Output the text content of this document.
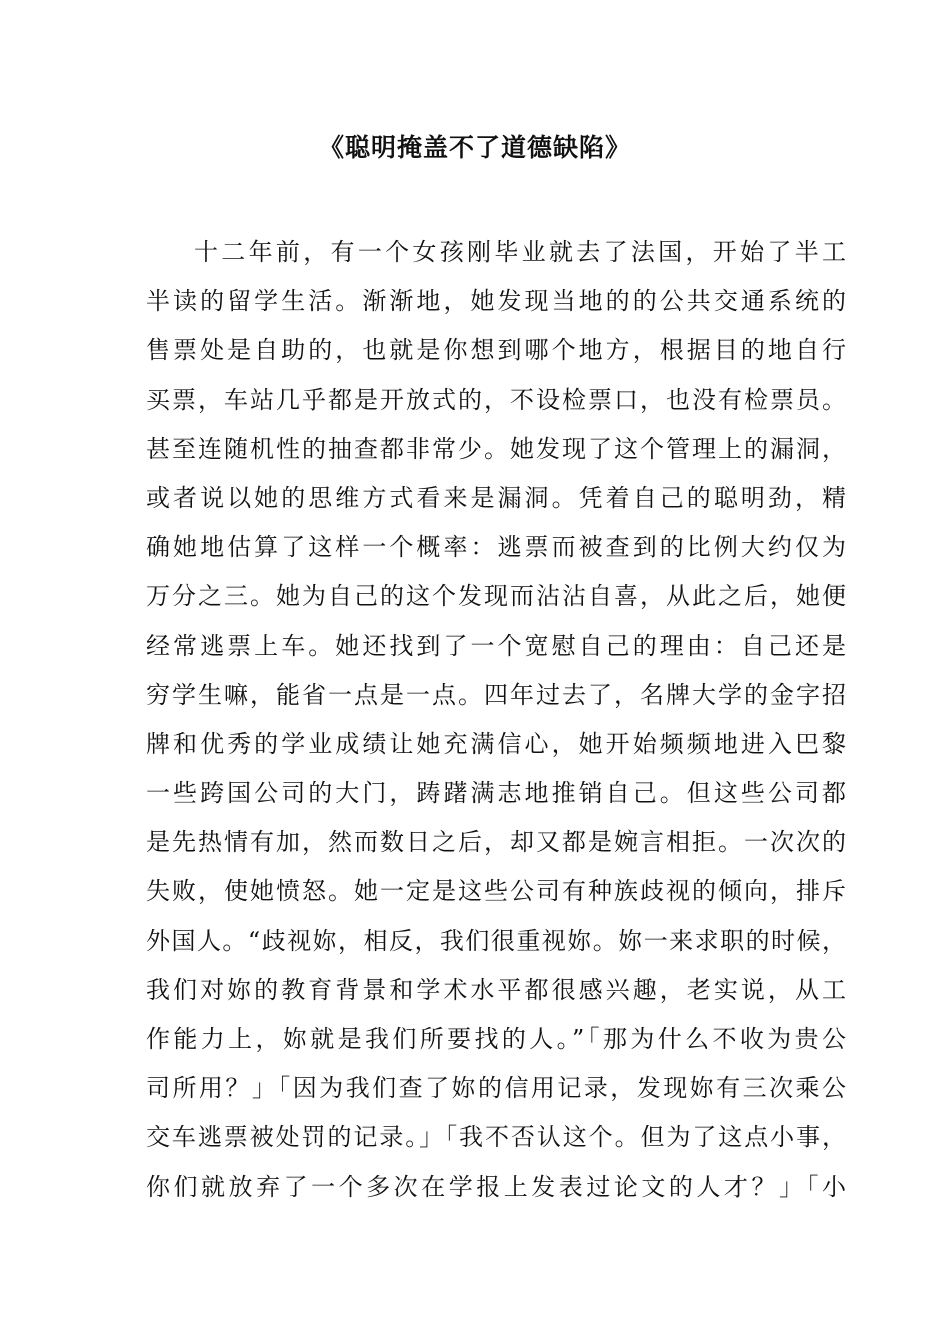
《聪明掩盖不了道德缺陷》
十二年前，有一个女孩刚毕业就去了法国，开始了半工
半读的留学生活。渐渐地，她发现当地的的公共交通系统的
售票处是自助的，也就是你想到哪个地方，根据目的地自行
买票，车站几乎都是开放式的，不设检票口，也没有检票员。
甚至连随机性的抽查都非常少。她发现了这个管理上的漏洞，
或者说以她的思维方式看来是漏洞。凭着自己的聪明劲，精
确她地估算了这样一个概率：逃票而被查到的比例大约仅为
万分之三。她为自己的这个发现而沾沾自喜，从此之后，她便
经常逃票上车。她还找到了一个宽慰自己的理由：自己还是
穷学生嘛，能省一点是一点。四年过去了，名牌大学的金字招
牌和优秀的学业成绩让她充满信心，她开始频频地进入巴黎
一些跨国公司的大门，踌躇满志地推销自己。但这些公司都
是先热情有加，然而数日之后，却又都是婉言相拒。一次次的
失败，使她愤怒。她一定是这些公司有种族歧视的倾向，排斥
外国人。“歧视妳，相反，我们很重视妳。妳一来求职的时候，
我们对妳的教育背景和学术水平都很感兴趣，老实说，从工
作能力上，妳就是我们所要找的人。”「那为什么不收为贵公
司所用？」「因为我们查了妳的信用记录，发现妳有三次乘公
交车逃票被处罚的记录。」「我不否认这个。但为了这点小事，
你们就放弃了一个多次在学报上发表过论文的人才？」「小
